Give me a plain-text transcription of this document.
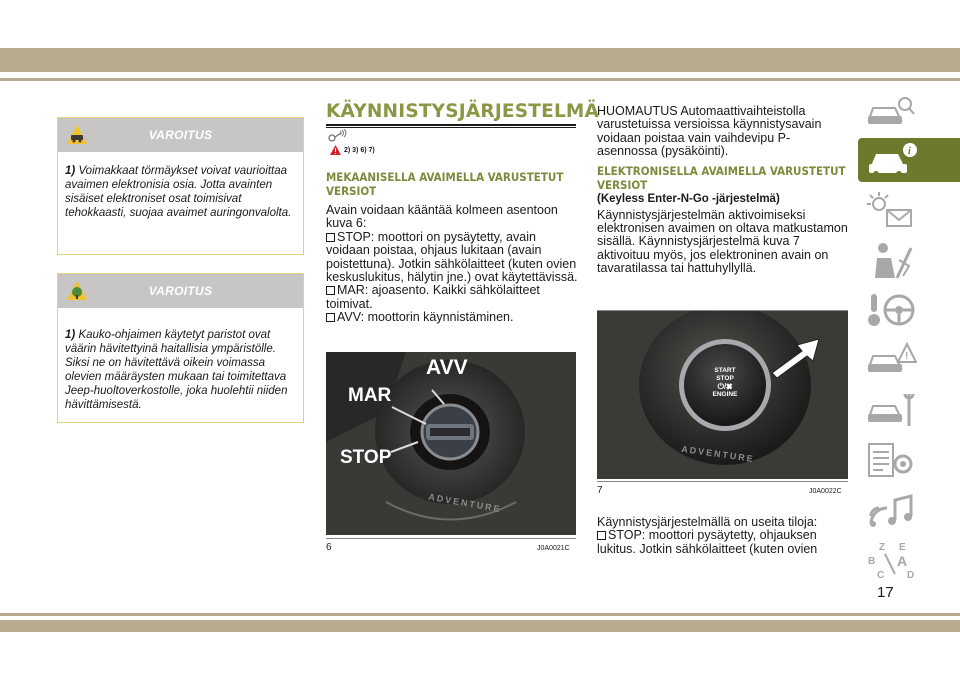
VAROITUS
1) Voimakkaat törmäykset voivat vaurioittaa avaimen elektronisia osia. Jotta avainten sisäiset elektroniset osat toimisivat tehokkaasti, suojaa avaimet auringonvalolta.
VAROITUS
1) Kauko-ohjaimen käytetyt paristot ovat väärin hävitettyinä haitallisia ympäristölle. Siksi ne on hävitettävä oikein voimassa olevien määräysten mukaan tai toimitettava Jeep-huoltoverkostolle, joka huolehtii niiden hävittämisestä.
KÄYNNISTYSJÄRJESTELMÄ
2) 3) 6) 7)
MEKAANISELLA AVAIMELLA VARUSTETUT
VERSIOT
Avain voidaan kääntää kolmeen asentoon kuva 6:
STOP: moottori on pysäytetty, avain voidaan poistaa, ohjaus lukitaan (avain poistettuna). Jotkin sähkölaitteet (kuten ovien keskuslukitus, hälytin jne.) ovat käytettävissä.
MAR: ajoasento. Kaikki sähkölaitteet toimivat.
AVV: moottorin käynnistäminen.
AVV
MAR
STOP
ADVENTURE
6	J0A0021C
HUOMAUTUS Automaattivaihteistolla varustetuissa versioissa käynnistysavain voidaan poistaa vain vaihdevipu P-asennossa (pysäköinti).
ELEKTRONISELLA AVAIMELLA VARUSTETUT
VERSIOT
(Keyless Enter-N-Go -järjestelmä)
Käynnistysjärjestelmän aktivoimiseksi elektronisen avaimen on oltava matkustamon sisällä. Käynnistysjärjestelmä kuva 7 aktivoituu myös, jos elektroninen avain on tavaratilassa tai hattuhyllyllä.
START
STOP
⏻/✖
ENGINE
ADVENTURE
7	J0A0022C
Käynnistysjärjestelmällä on useita tiloja:
STOP: moottori pysäytetty, ohjauksen lukitus. Jotkin sähkölaitteet (kuten ovien
i
!
Z E
B A
C D
17
